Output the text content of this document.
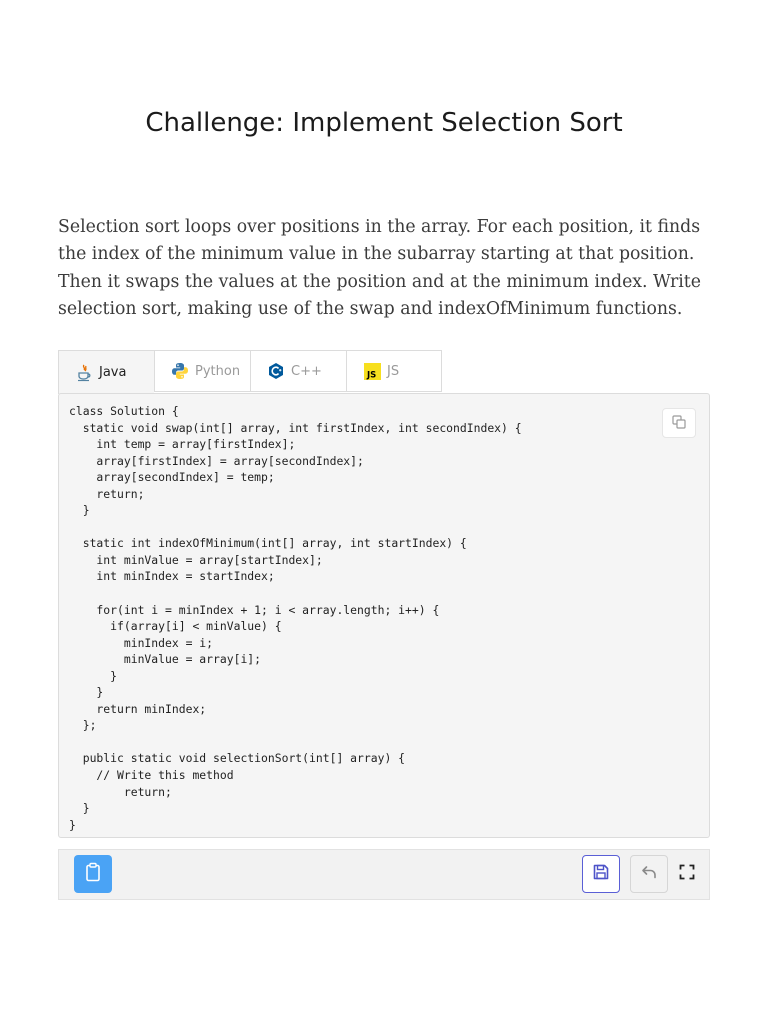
Challenge: Implement Selection Sort

Selection sort loops over positions in the array. For each position, it finds the index of the minimum value in the subarray starting at that position. Then it swaps the values at the position and at the minimum index. Write selection sort, making use of the swap and indexOfMinimum functions.

Java	Python	C++	JS JS
class Solution {
static void swap(int[] array, int firstIndex, int secondIndex) {
int temp = array[firstIndex];
array[firstIndex] = array[secondIndex];
array[secondIndex] = temp;
return;
}

static int indexOfMinimum(int[] array, int startIndex) {
int minValue = array[startIndex];
int minIndex = startIndex;

for(int i = minIndex + 1; i < array.length; i++) {
if(array[i] < minValue) {
minIndex = i;
minValue = array[i];
}
}
return minIndex;
};

public static void selectionSort(int[] array) {
// Write this method
return;
}
}
